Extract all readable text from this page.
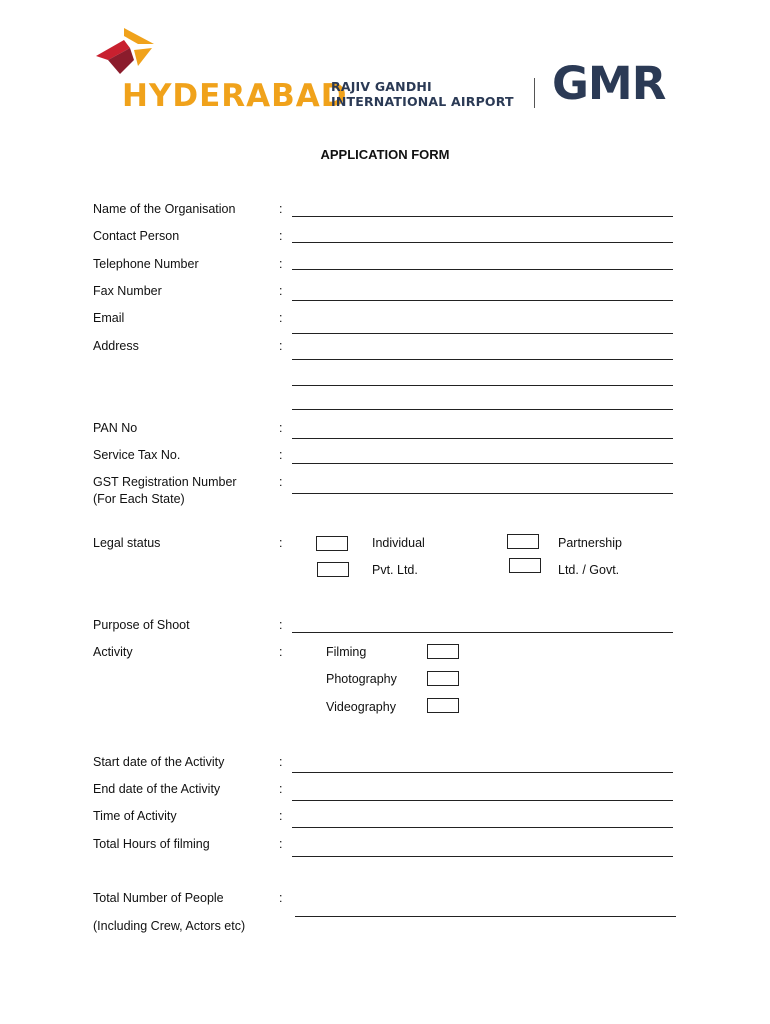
HYDERABAD
RAJIV GANDHI
INTERNATIONAL AIRPORT GMR
APPLICATION FORM
Name of the Organisation	:
Contact Person	:
Telephone Number	:
Fax Number	:
Email	:
Address	:
PAN No	:
Service Tax No.	:
GST Registration Number
(For Each State)
:
Legal status	:	Individual	Partnership
Pvt. Ltd.	Ltd. / Govt.
Purpose of Shoot	:
Activity	:	Filming
Photography
Videography
Start date of the Activity	:
End date of the Activity	:
Time of Activity	:
Total Hours of filming	:
Total Number of People	:
(Including Crew, Actors etc)
